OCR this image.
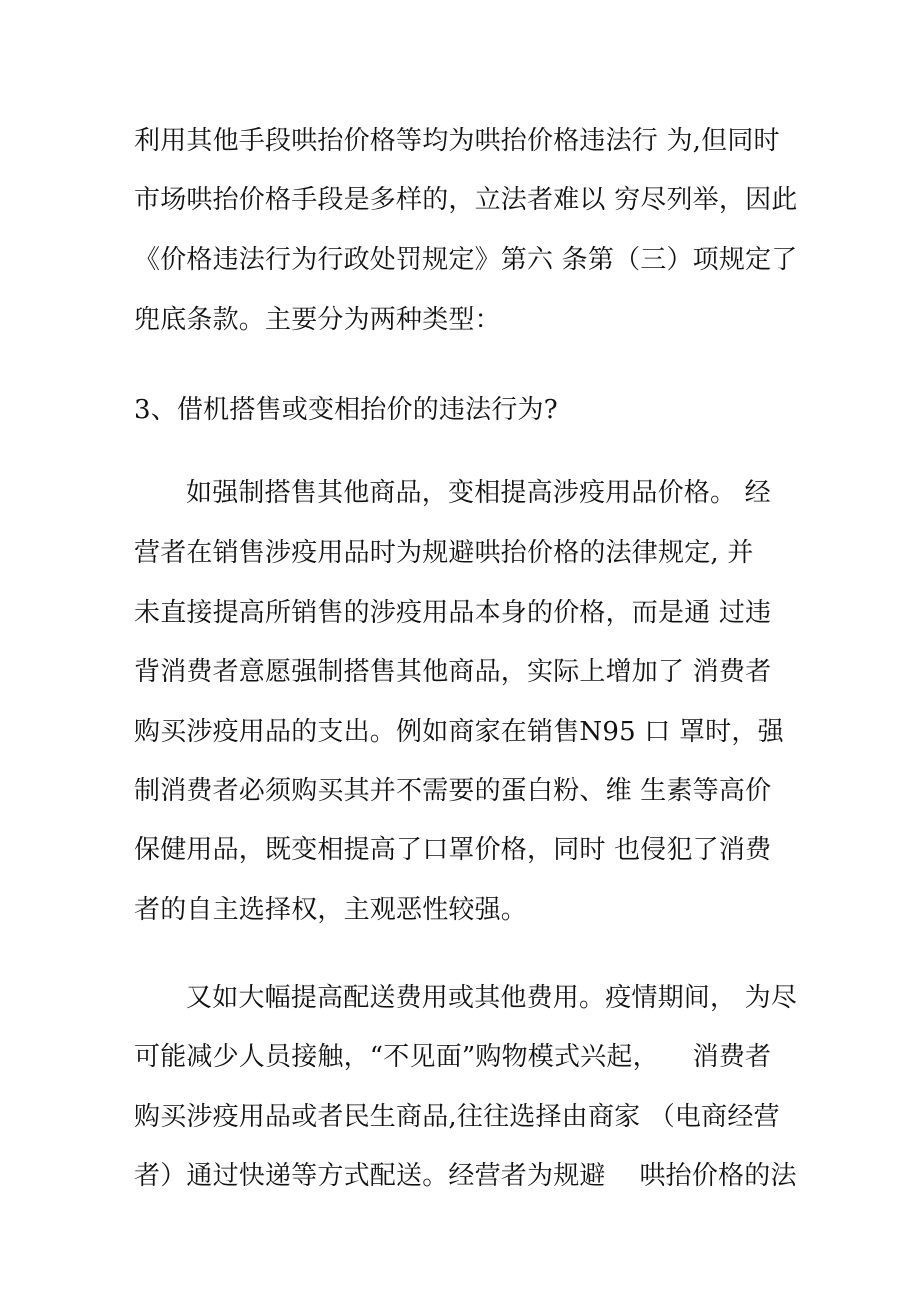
利用其他手段哄抬价格等均为哄抬价格违法行 为,但同时
市场哄抬价格手段是多样的，立法者难以 穷尽列举，因此
《价格违法行为行政处罚规定》第六 条第（三）项规定了
兜底条款。主要分为两种类型：
3、借机搭售或变相抬价的违法行为?
如强制搭售其他商品，变相提高涉疫用品价格。 经
营者在销售涉疫用品时为规避哄抬价格的法律规定, 并
未直接提高所销售的涉疫用品本身的价格，而是通 过违
背消费者意愿强制搭售其他商品，实际上增加了 消费者
购买涉疫用品的支出。例如商家在销售N95 口 罩时，强
制消费者必须购买其并不需要的蛋白粉、维 生素等高价
保健用品，既变相提高了口罩价格，同时 也侵犯了消费
者的自主选择权，主观恶性较强。
又如大幅提高配送费用或其他费用。疫情期间， 为尽
可能减少人员接触，“不见面”购物模式兴起，    消费者
购买涉疫用品或者民生商品,往往选择由商家 （电商经营
者）通过快递等方式配送。经营者为规避    哄抬价格的法
